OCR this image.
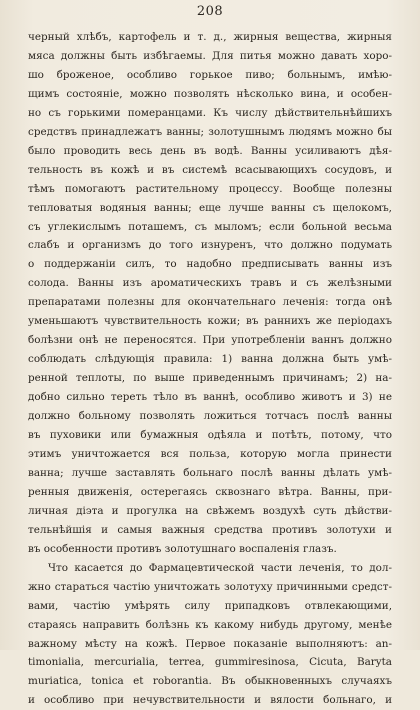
208
черный хлѣбъ, картофель и т. д., жирныя вещества, жирныя
мяса должны быть избѣгаемы. Для питья можно давать хоро-
шо броженое, особливо горькое пиво; больнымъ, имѣю-
щимъ состояніе, можно позволять нѣсколько вина, и особен-
но съ горькими померанцами. Къ числу дѣйствительнѣйшихъ
средствъ принадлежатъ ванны; золотушнымъ людямъ можно бы
было проводить весь день въ водѣ. Ванны усиливаютъ дѣя-
тельность въ кожѣ и въ системѣ всасывающихъ сосудовъ, и
тѣмъ помогаютъ растительному процессу. Вообще полезны
тепловатыя водяныя ванны; еще лучше ванны съ щелокомъ,
съ углекислымъ поташемъ, съ мыломъ; если больной весьма
слабъ и организмъ до того изнуренъ, что должно подумать
о поддержаніи силъ, то надобно предписывать ванны изъ
солода. Ванны изъ ароматическихъ травъ и съ желѣзными
препаратами полезны для окончательнаго леченія: тогда онѣ
уменьшаютъ чувствительность кожи; въ раннихъ же періодахъ
болѣзни онѣ не переносятся. При употребленіи ваннъ должно
соблюдать слѣдующія правила: 1) ванна должна быть умѣ-
ренной теплоты, по выше приведеннымъ причинамъ; 2) на-
добно сильно тереть тѣло въ ваннѣ, особливо животъ и 3) не
должно больному позволять ложиться тотчасъ послѣ ванны
въ пуховики или бумажныя одѣяла и потѣть, потому, что
этимъ уничтожается вся польза, которую могла принести
ванна; лучше заставлять больнаго послѣ ванны дѣлать умѣ-
ренныя движенія, остерегаясь сквознаго вѣтра. Ванны, при-
личная діэта и прогулка на свѣжемъ воздухѣ суть дѣйстви-
тельнѣйшія и самыя важныя средства противъ золотухи и
въ особенности противъ золотушнаго воспаленія глазъ.
Что касается до Фармацевтической части леченія, то дол-
жно стараться частію уничтожать золотуху причинными средст-
вами, частію умѣрять силу припадковъ отвлекающими,
стараясь направить болѣзнь къ какому нибудь другому, менѣе
важному мѣсту на кожѣ. Первое показаніе выполняютъ: an-
timonialia, mercurialia, terrea, gummiresinosa, Cicuta, Baryta
muriatica, tonica et roborantia. Въ обыкновенныхъ случаяхъ
и особливо при нечувствительности и вялости больнаго, и
